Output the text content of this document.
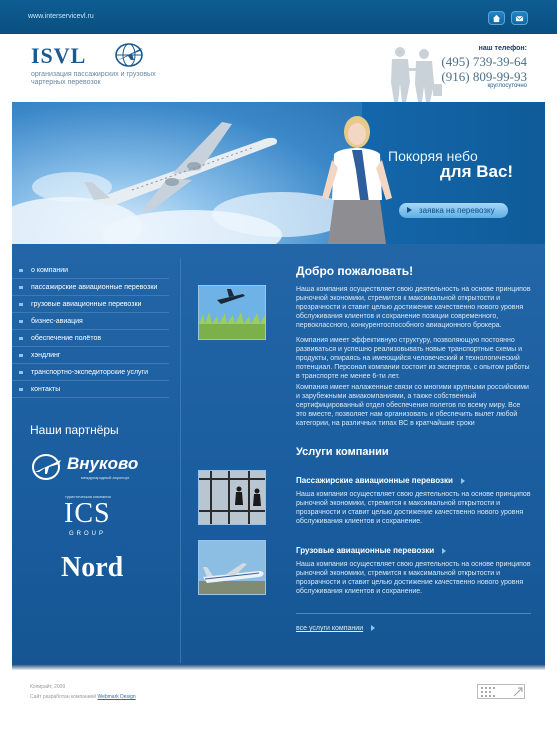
www.interservicevl.ru
ISVL
организация пассажирских и грузовых чартерных перевозок
наш телефон:
(495) 739-39-64
(916) 809-99-93
круглосуточно
Покоряя небо
для Вас!
заявка на перевозку
о компании
пассажирские авиационные перевозки
грузовые авиационные перевозки
бизнес-авиация
обеспечение полётов
хэндлинг
транспортно-экспедиторские услуги
контакты
Наши партнёры
Внуково
международный аэропорт
туристическая компания
ICS
GROUP
Nord
Добро пожаловать!
Наша компания осуществляет свою деятельность на основе принципов рыночной экономики, стремится к максимальной открытости и прозрачности и ставит целью достижение качественно нового уровня обслуживания клиентов и сохранение позиции современного, первоклассного, конкурентоспособного авиационного брокера.
Компания имеет эффективную структуру, позволяющую постоянно развиваться и успешно реализовывать новые транспортные схемы и продукты, опираясь на имеющийся человеческий и технологический потенциал. Персонал компании состоит из экспертов, с опытом работы в транспорте не менее 6-ти лет.
Компания имеет налаженные связи со многими крупными российскими и зарубежными авиакомпаниями, а также собственный сертифицированный отдел обеспечения полетов по всему миру. Все это вместе, позволяет нам организовать и обеспечить вылет любой категории, на различных типах ВС в кратчайшие сроки
Услуги компании
Пассажирские авиационные перевозки
Наша компания осуществляет свою деятельность на основе принципов рыночной экономики, стремится к максимальной открытости и прозрачности и ставит целью достижение качественно нового уровня обслуживания клиентов и сохранение.
Грузовые авиационные перевозки
Наша компания осуществляет свою деятельность на основе принципов рыночной экономики, стремится к максимальной открытости и прозрачности и ставит целью достижение качественно нового уровня обслуживания клиентов и сохранение.
все услуги компании
Копирайт, 2009
Сайт разработан компанией Webmark Design
